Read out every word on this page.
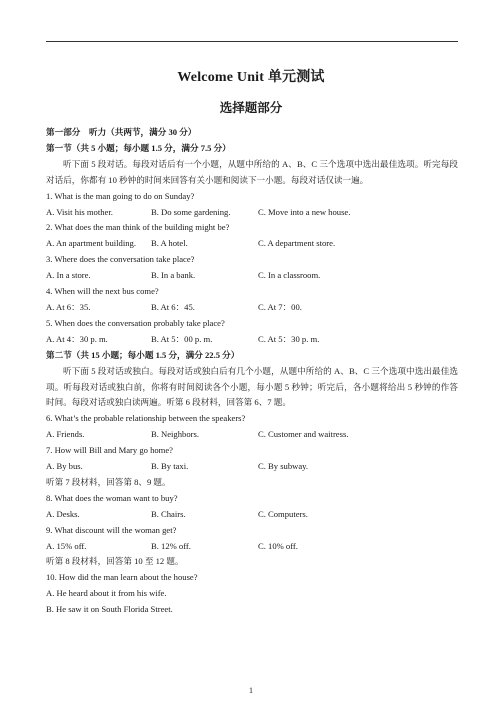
Welcome Unit 单元测试
选择题部分
第一部分　听力（共两节，满分 30 分）
第一节（共 5 小题；每小题 1.5 分，满分 7.5 分）
听下面 5 段对话。每段对话后有一个小题，从题中所给的 A、B、C 三个选项中选出最佳选项。听完每段对话后，你都有 10 秒钟的时间来回答有关小题和阅读下一小题。每段对话仅读一遍。
1. What is the man going to do on Sunday?
A. Visit his mother.	B. Do some gardening.	C. Move into a new house.
2. What does the man think of the building might be?
A. An apartment building.	B. A hotel.	C. A department store.
3. Where does the conversation take place?
A. In a store.	B. In a bank.	C. In a classroom.
4. When will the next bus come?
A. At 6：35.	B. At 6：45.	C. At 7：00.
5. When does the conversation probably take place?
A. At 4：30 p. m.	B. At 5：00 p. m.	C. At 5：30 p. m.
第二节（共 15 小题；每小题 1.5 分，满分 22.5 分）
听下面 5 段对话或独白。每段对话或独白后有几个小题，从题中所给的 A、B、C 三个选项中选出最佳选项。听每段对话或独白前，你将有时间阅读各个小题，每小题 5 秒钟；听完后，各小题将给出 5 秒钟的作答时间。每段对话或独白读两遍。听第 6 段材料，回答第 6、7 题。
6. What’s the probable relationship between the speakers?
A. Friends.	B. Neighbors.	C. Customer and waitress.
7. How will Bill and Mary go home?
A. By bus.	B. By taxi.	C. By subway.
听第 7 段材料，回答第 8、9 题。
8. What does the woman want to buy?
A. Desks.	B. Chairs.	C. Computers.
9. What discount will the woman get?
A. 15% off.	B. 12% off.	C. 10% off.
听第 8 段材料，回答第 10 至 12 题。
10. How did the man learn about the house?
A. He heard about it from his wife.
B. He saw it on South Florida Street.
1
